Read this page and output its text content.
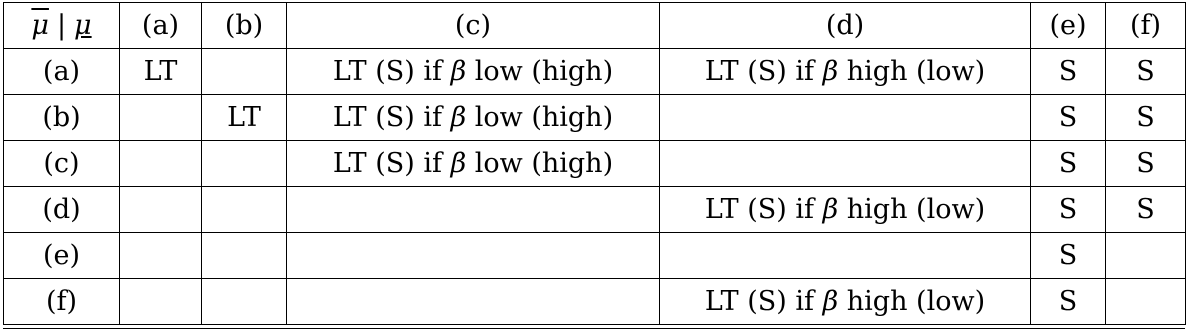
$\overline{\mu}$ | μ	(a)	(b)	(c)	(d)	(e)	(f)
(a)	LT		LT (S) if β low (high)	LT (S) if β high (low)	S	S
(b)		LT	LT (S) if β low (high)		S	S
(c)			LT (S) if β low (high)		S	S
(d)				LT (S) if β high (low)	S	S
(e)					S	
(f)				LT (S) if β high (low)	S	
